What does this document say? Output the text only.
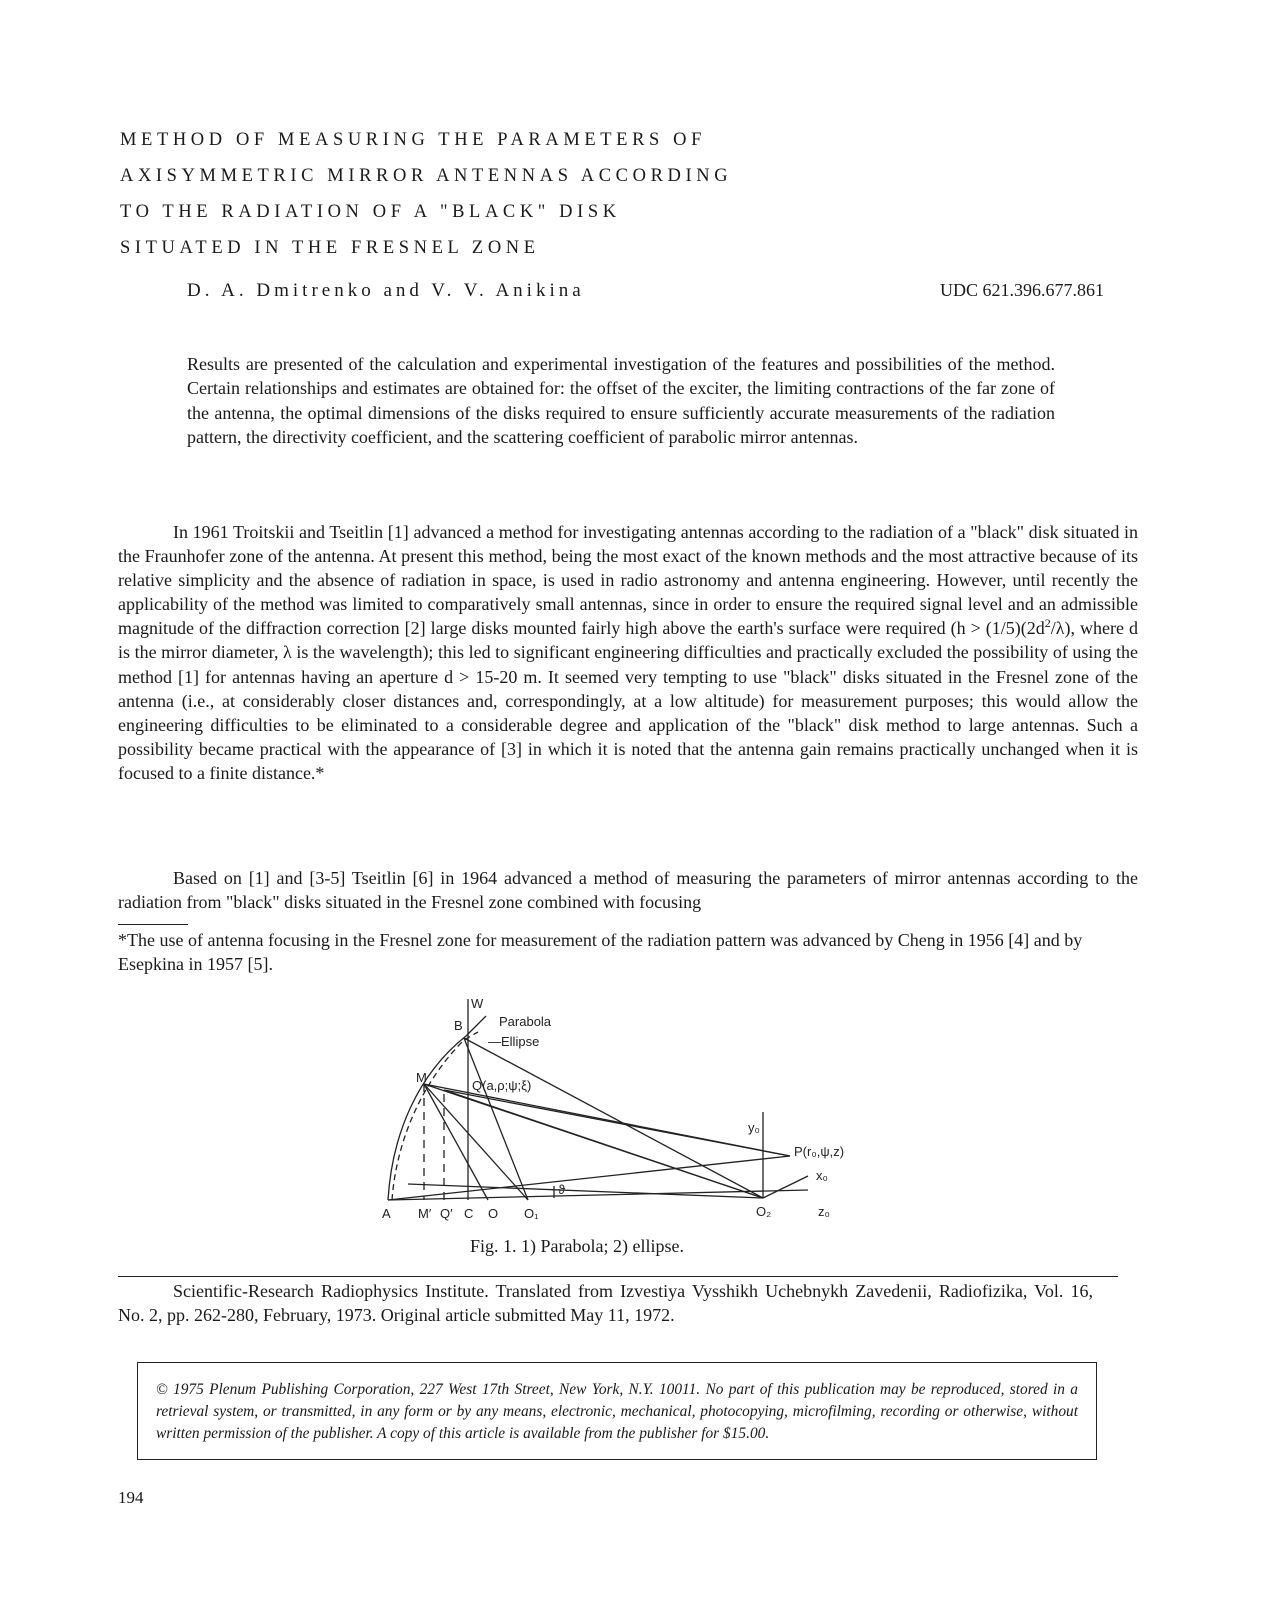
METHOD OF MEASURING THE PARAMETERS OF

AXISYMMETRIC MIRROR ANTENNAS ACCORDING

TO THE RADIATION OF A "BLACK" DISK

SITUATED IN THE FRESNEL ZONE

D. A. Dmitrenko and V. V. Anikina	UDC 621.396.677.861

Results are presented of the calculation and experimental investigation of the features and possibilities of the method. Certain relationships and estimates are obtained for: the offset of the exciter, the limiting contractions of the far zone of the antenna, the optimal dimensions of the disks required to ensure sufficiently accurate measurements of the radiation pattern, the directivity coefficient, and the scattering coefficient of parabolic mirror antennas.

In 1961 Troitskii and Tseitlin [1] advanced a method for investigating antennas according to the radiation of a "black" disk situated in the Fraunhofer zone of the antenna. At present this method, being the most exact of the known methods and the most attractive because of its relative simplicity and the absence of radiation in space, is used in radio astronomy and antenna engineering. However, until recently the applicability of the method was limited to comparatively small antennas, since in order to ensure the required signal level and an admissible magnitude of the diffraction correction [2] large disks mounted fairly high above the earth's surface were required ($h > (1/5)(2d^2/\lambda)$, where d is the mirror diameter, λ is the wavelength); this led to significant engineering difficulties and practically excluded the possibility of using the method [1] for antennas having an aperture d > 15-20 m. It seemed very tempting to use "black" disks situated in the Fresnel zone of the antenna (i.e., at considerably closer distances and, correspondingly, at a low altitude) for measurement purposes; this would allow the engineering difficulties to be eliminated to a considerable degree and application of the "black" disk method to large antennas. Such a possibility became practical with the appearance of [3] in which it is noted that the antenna gain remains practically unchanged when it is focused to a finite distance.*

Based on [1] and [3-5] Tseitlin [6] in 1964 advanced a method of measuring the parameters of mirror antennas according to the radiation from "black" disks situated in the Fresnel zone combined with focusing

*The use of antenna focusing in the Fresnel zone for measurement of the radiation pattern was advanced by Cheng in 1956 [4] and by Esepkina in 1957 [5].

W
Parabola
—Ellipse
B
M
Q(a,ρ;ψ;ξ)
y₀
P(r₀,ψ,z)
x₀
ϑ
z₀
A M′ Q′ C O O₁	O₂
Fig. 1. 1) Parabola; 2) ellipse.

Scientific-Research Radiophysics Institute. Translated from Izvestiya Vysshikh Uchebnykh Zavedenii, Radiofizika, Vol. 16, No. 2, pp. 262-280, February, 1973. Original article submitted May 11, 1972.

© 1975 Plenum Publishing Corporation, 227 West 17th Street, New York, N.Y. 10011. No part of this publication may be reproduced, stored in a retrieval system, or transmitted, in any form or by any means, electronic, mechanical, photocopying, microfilming, recording or otherwise, without written permission of the publisher. A copy of this article is available from the publisher for $15.00.

194
